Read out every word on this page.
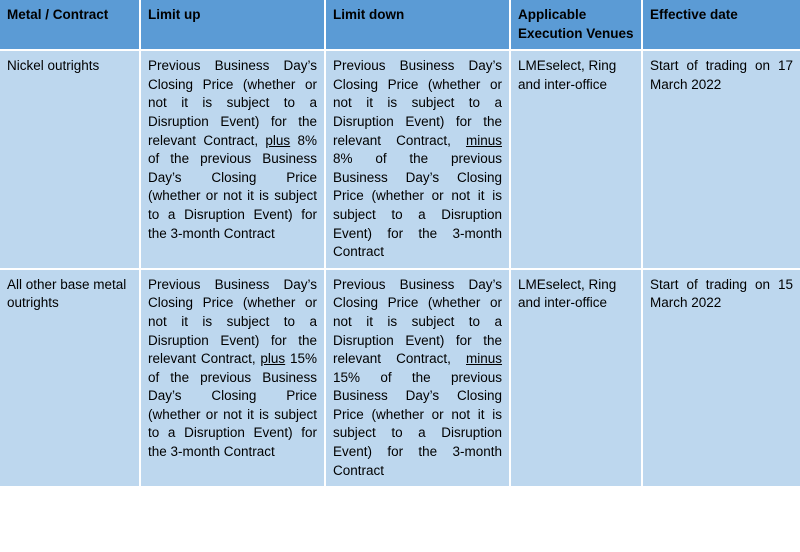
Metal / Contract	Limit up	Limit down	Applicable Execution Venues	Effective date
Nickel outrights	Previous Business Day’s Closing Price (whether or not it is subject to a Disruption Event) for the relevant Contract, plus 8% of the previous Business Day’s Closing Price (whether or not it is subject to a Disruption Event) for the 3-month Contract	Previous Business Day’s Closing Price (whether or not it is subject to a Disruption Event) for the relevant Contract, minus 8% of the previous Business Day’s Closing Price (whether or not it is subject to a Disruption Event) for the 3-month Contract	LMEselect, Ring and inter-office	Start of trading on 17 March 2022
All other base metal outrights	Previous Business Day’s Closing Price (whether or not it is subject to a Disruption Event) for the relevant Contract, plus 15% of the previous Business Day’s Closing Price (whether or not it is subject to a Disruption Event) for the 3-month Contract	Previous Business Day’s Closing Price (whether or not it is subject to a Disruption Event) for the relevant Contract, minus 15% of the previous Business Day’s Closing Price (whether or not it is subject to a Disruption Event) for the 3-month Contract	LMEselect, Ring and inter-office	Start of trading on 15 March 2022
